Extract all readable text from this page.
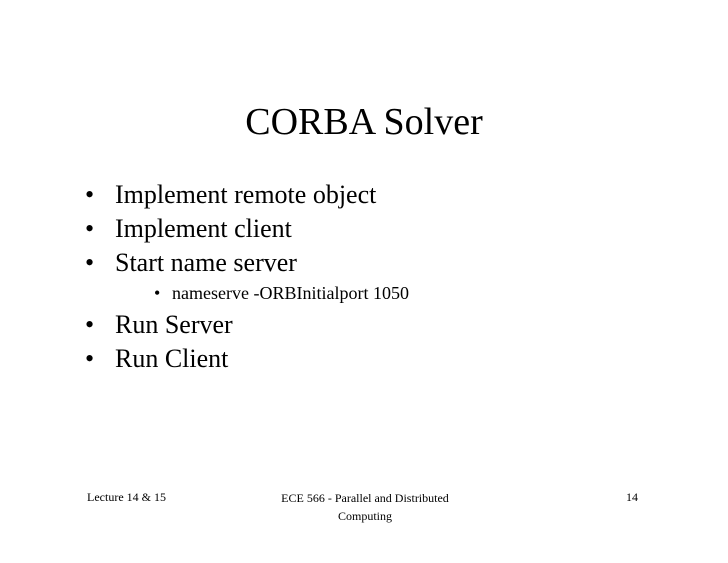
CORBA Solver
• Implement remote object
• Implement client
• Start name server
• nameserve -ORBInitialport 1050
• Run Server
• Run Client
Lecture 14 & 15	ECE 566 - Parallel and Distributed Computing
14
